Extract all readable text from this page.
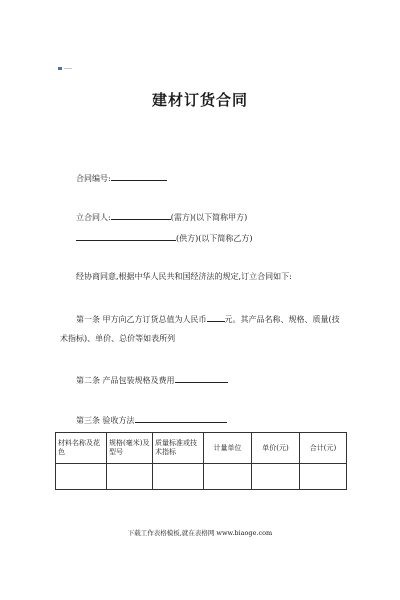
建材订货合同
合同编号:
立合同人:	(需方)(以下简称甲方)
(供方)(以下简称乙方)
经协商同意,根据中华人民共和国经济法的规定,订立合同如下:
第一条 甲方向乙方订货总值为人民币 元。其产品名称、规格、质量(技
术指标)、单价、总价等如表所列
第二条 产品包装规格及费用
第三条 验收方法
材料名称及花色	规格(毫米)及型号	质量标准或技术指标	计量单位	单价(元)	合计(元)

下载工作表格模板,就在表格网 www.biaoge.com
